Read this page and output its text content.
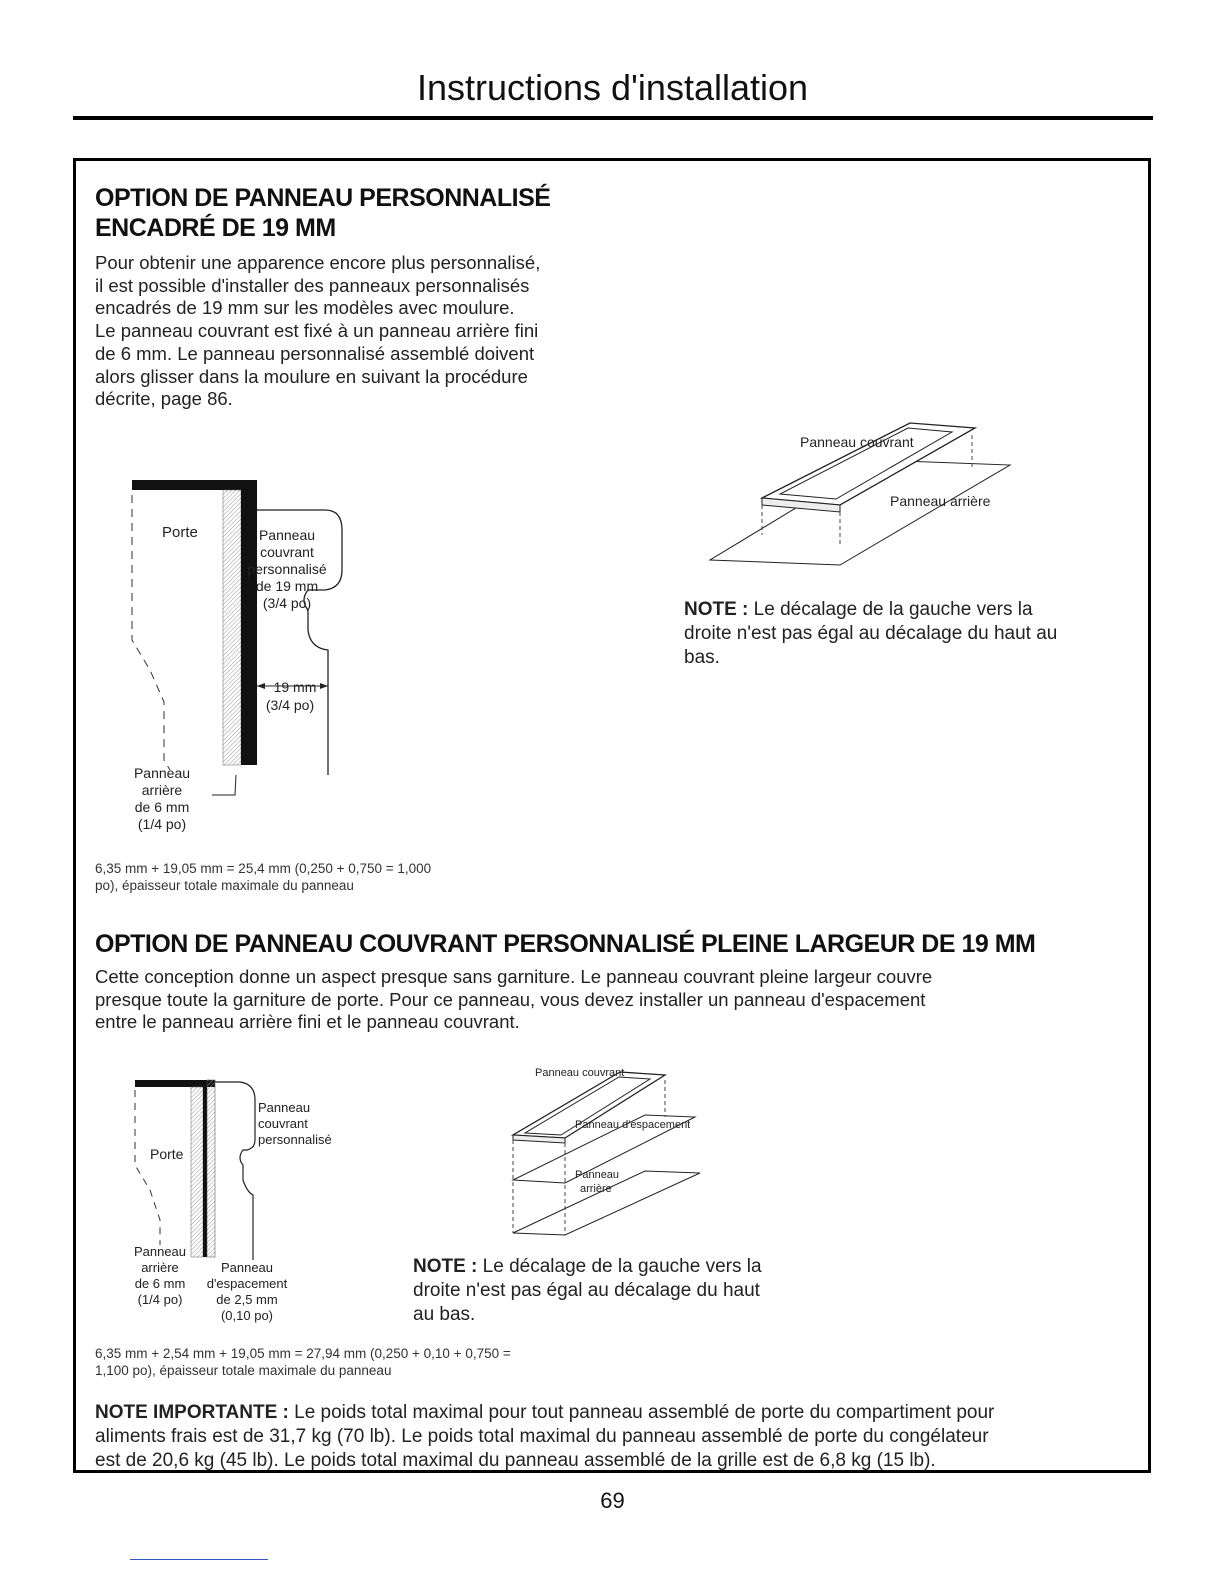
Instructions d'installation
OPTION DE PANNEAU PERSONNALISÉ
ENCADRÉ DE 19 MM
Pour obtenir une apparence encore plus personnalisé,
il est possible d'installer des panneaux personnalisés
encadrés de 19 mm sur les modèles avec moulure.
Le panneau couvrant est fixé à un panneau arrière fini
de 6 mm. Le panneau personnalisé assemblé doivent
alors glisser dans la moulure en suivant la procédure
décrite, page 86.
Porte	Panneau
couvrant
personnalisé
de 19 mm
(3/4 po)
19 mm
(3/4 po)
Panneau
arrière
de 6 mm
(1/4 po)
Panneau couvrant
Panneau arrière
NOTE : Le décalage de la gauche vers la
droite n'est pas égal au décalage du haut au
bas.
6,35 mm + 19,05 mm = 25,4 mm (0,250 + 0,750 = 1,000
po), épaisseur totale maximale du panneau
OPTION DE PANNEAU COUVRANT PERSONNALISÉ PLEINE LARGEUR DE 19 MM
Cette conception donne un aspect presque sans garniture. Le panneau couvrant pleine largeur couvre
presque toute la garniture de porte. Pour ce panneau, vous devez installer un panneau d'espacement
entre le panneau arrière fini et le panneau couvrant.
Porte
Panneau
couvrant
personnalisé
Panneau
arrière
de 6 mm
(1/4 po)
Panneau
d'espacement
de 2,5 mm
(0,10 po)
Panneau couvrant
Panneau d'espacement
Panneau
arrière
NOTE : Le décalage de la gauche vers la
droite n'est pas égal au décalage du haut
au bas.
6,35 mm + 2,54 mm + 19,05 mm = 27,94 mm (0,250 + 0,10 + 0,750 =
1,100 po), épaisseur totale maximale du panneau
NOTE IMPORTANTE : Le poids total maximal pour tout panneau assemblé de porte du compartiment pour
aliments frais est de 31,7 kg (70 lb). Le poids total maximal du panneau assemblé de porte du congélateur
est de 20,6 kg (45 lb). Le poids total maximal du panneau assemblé de la grille est de 6,8 kg (15 lb).
69
